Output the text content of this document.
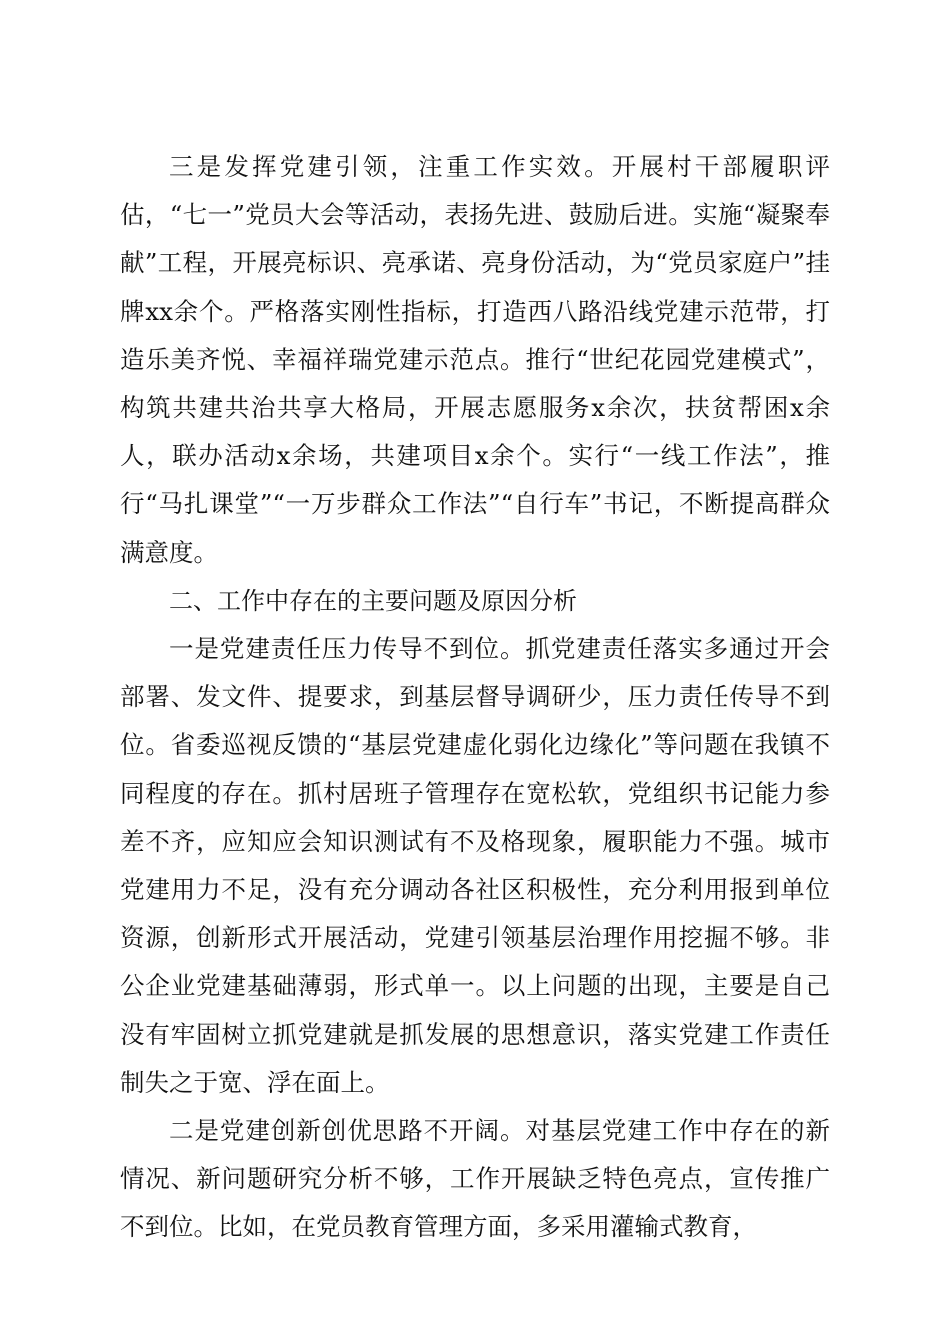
三是发挥党建引领，注重工作实效。开展村干部履职评估，“七一”党员大会等活动，表扬先进、鼓励后进。实施“凝聚奉献”工程，开展亮标识、亮承诺、亮身份活动，为“党员家庭户”挂牌xx余个。严格落实刚性指标，打造西八路沿线党建示范带，打造乐美齐悦、幸福祥瑞党建示范点。推行“世纪花园党建模式”，构筑共建共治共享大格局，开展志愿服务x余次，扶贫帮困x余人，联办活动x余场，共建项目x余个。实行“一线工作法”，推行“马扎课堂”“一万步群众工作法”“自行车”书记，不断提高群众满意度。

二、工作中存在的主要问题及原因分析

一是党建责任压力传导不到位。抓党建责任落实多通过开会部署、发文件、提要求，到基层督导调研少，压力责任传导不到位。省委巡视反馈的“基层党建虚化弱化边缘化”等问题在我镇不同程度的存在。抓村居班子管理存在宽松软，党组织书记能力参差不齐，应知应会知识测试有不及格现象，履职能力不强。城市党建用力不足，没有充分调动各社区积极性，充分利用报到单位资源，创新形式开展活动，党建引领基层治理作用挖掘不够。非公企业党建基础薄弱，形式单一。以上问题的出现，主要是自己没有牢固树立抓党建就是抓发展的思想意识，落实党建工作责任制失之于宽、浮在面上。

二是党建创新创优思路不开阔。对基层党建工作中存在的新情况、新问题研究分析不够，工作开展缺乏特色亮点，宣传推广不到位。比如，在党员教育管理方面，多采用灌输式教育，
